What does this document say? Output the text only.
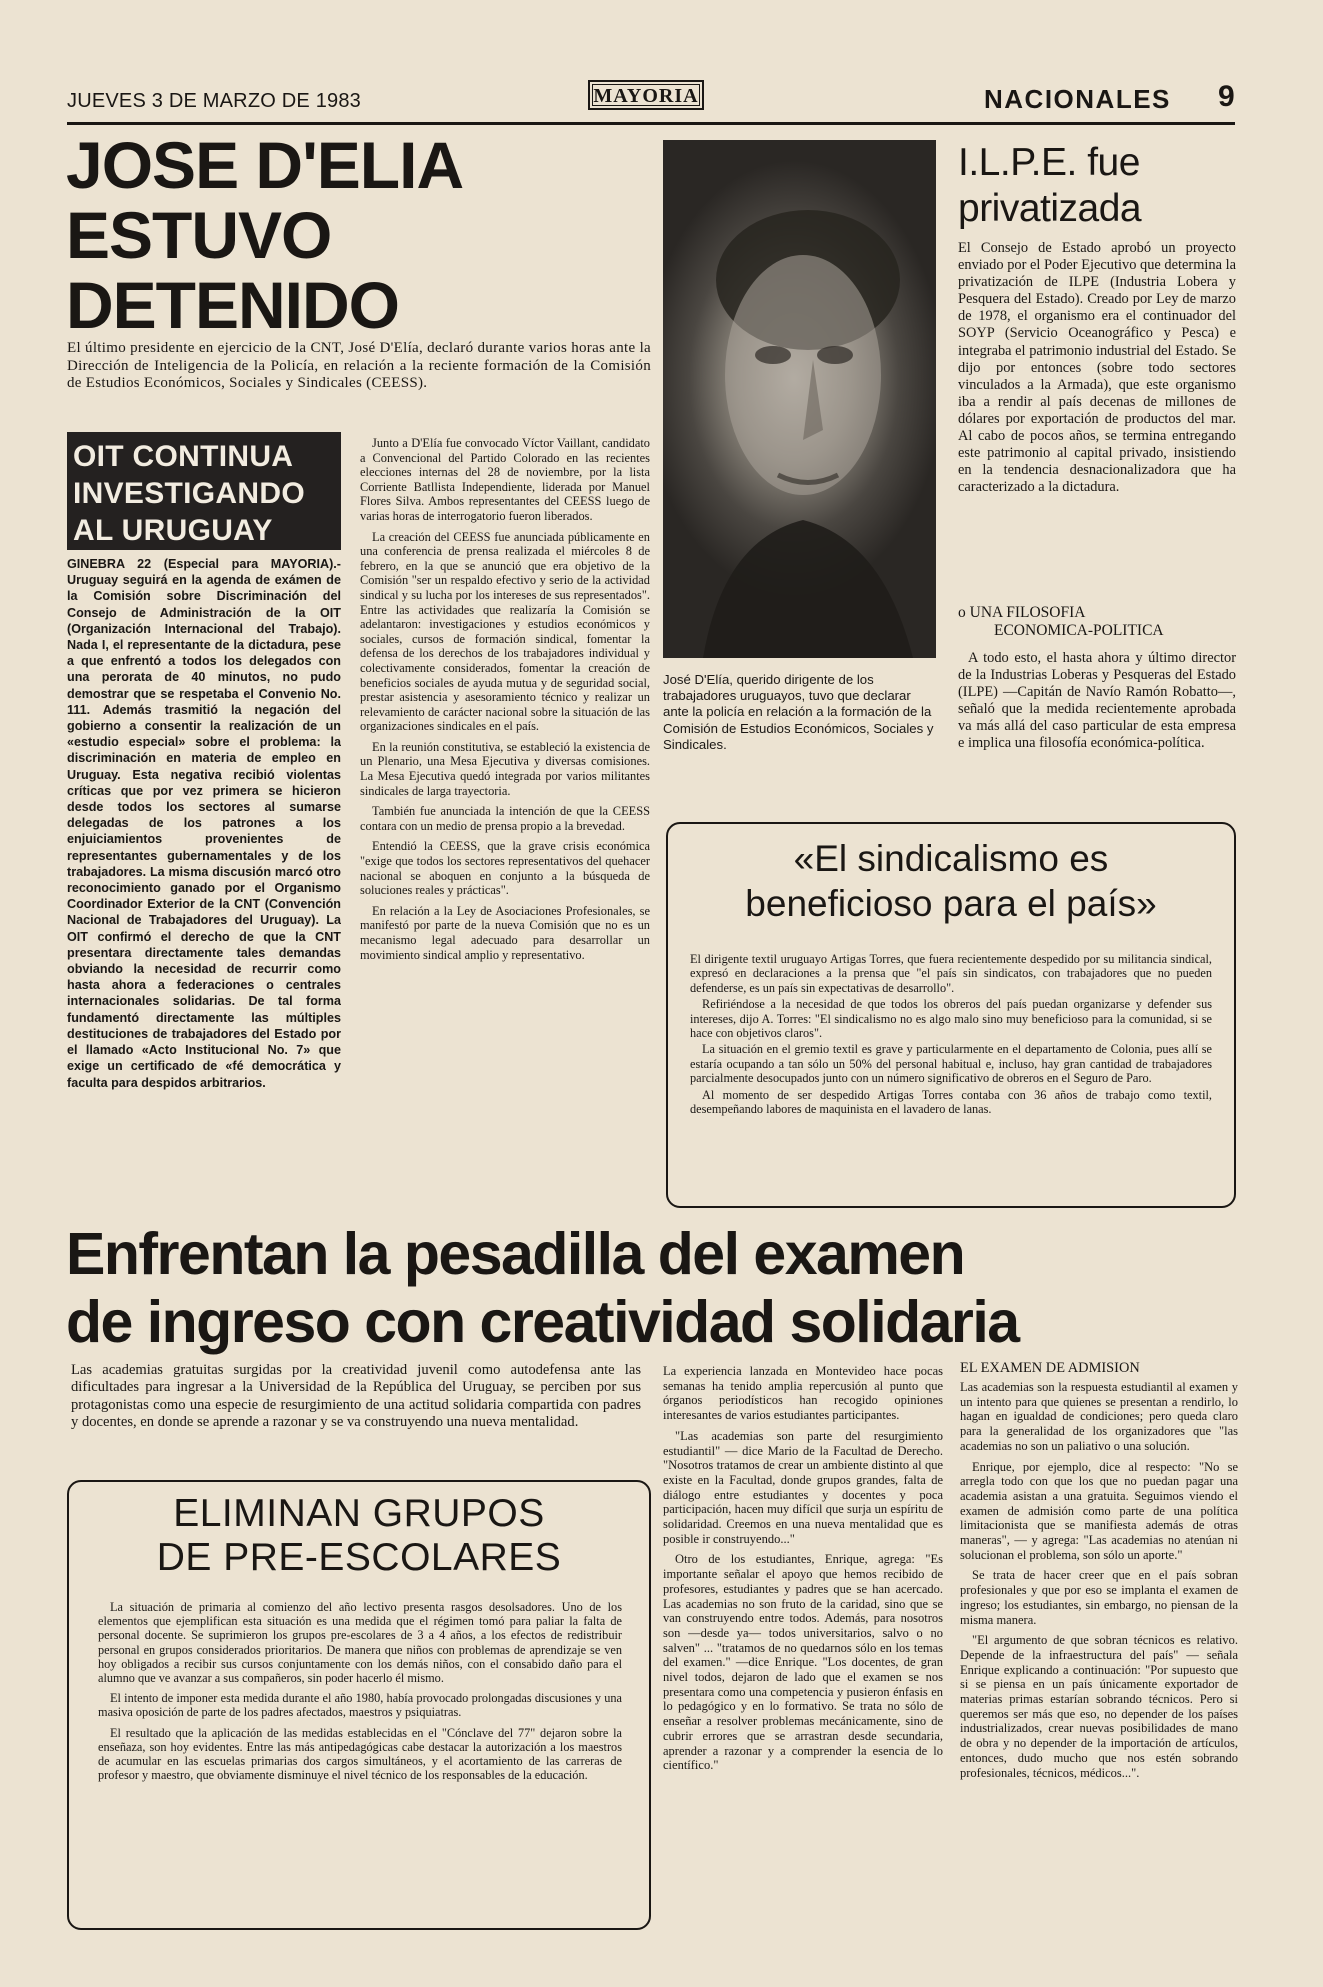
JUEVES 3 DE MARZO DE 1983	MAYORIA	NACIONALES 9
JOSE D'ELIA
ESTUVO
DETENIDO

El último presidente en ejercicio de la CNT, José D'Elía, declaró durante varios horas ante la Dirección de Inteligencia de la Policía, en relación a la reciente formación de la Comisión de Estudios Económicos, Sociales y Sindicales (CEESS).

OIT CONTINUA
INVESTIGANDO
AL URUGUAY

GINEBRA 22 (Especial para MAYORIA).- Uruguay seguirá en la agenda de exámen de la Comisión sobre Discriminación del Consejo de Administración de la OIT (Organización Internacional del Trabajo). Nada I, el representante de la dictadura, pese a que enfrentó a todos los delegados con una perorata de 40 minutos, no pudo demostrar que se respetaba el Convenio No. 111. Además trasmitió la negación del gobierno a consentir la realización de un «estudio especial» sobre el problema: la discriminación en materia de empleo en Uruguay. Esta negativa recibió violentas críticas que por vez primera se hicieron desde todos los sectores al sumarse delegadas de los patrones a los enjuiciamientos provenientes de representantes gubernamentales y de los trabajadores. La misma discusión marcó otro reconocimiento ganado por el Organismo Coordinador Exterior de la CNT (Convención Nacional de Trabajadores del Uruguay). La OIT confirmó el derecho de que la CNT presentara directamente tales demandas obviando la necesidad de recurrir como hasta ahora a federaciones o centrales internacionales solidarias. De tal forma fundamentó directamente las múltiples destituciones de trabajadores del Estado por el llamado «Acto Institucional No. 7» que exige un certificado de «fé democrática y faculta para despidos arbitrarios.

Junto a D'Elía fue convocado Víctor Vaillant, candidato a Convencional del Partido Colorado en las recientes elecciones internas del 28 de noviembre, por la lista Corriente Batllista Independiente, liderada por Manuel Flores Silva. Ambos representantes del CEESS luego de varias horas de interrogatorio fueron liberados.

La creación del CEESS fue anunciada públicamente en una conferencia de prensa realizada el miércoles 8 de febrero, en la que se anunció que era objetivo de la Comisión "ser un respaldo efectivo y serio de la actividad sindical y su lucha por los intereses de sus representados". Entre las actividades que realizaría la Comisión se adelantaron: investigaciones y estudios económicos y sociales, cursos de formación sindical, fomentar la defensa de los derechos de los trabajadores individual y colectivamente considerados, fomentar la creación de beneficios sociales de ayuda mutua y de seguridad social, prestar asistencia y asesoramiento técnico y realizar un relevamiento de carácter nacional sobre la situación de las organizaciones sindicales en el país.

En la reunión constitutiva, se estableció la existencia de un Plenario, una Mesa Ejecutiva y diversas comisiones. La Mesa Ejecutiva quedó integrada por varios militantes sindicales de larga trayectoria.

También fue anunciada la intención de que la CEESS contara con un medio de prensa propio a la brevedad.

Entendió la CEESS, que la grave crisis económica "exige que todos los sectores representativos del quehacer nacional se aboquen en conjunto a la búsqueda de soluciones reales y prácticas".

En relación a la Ley de Asociaciones Profesionales, se manifestó por parte de la nueva Comisión que no es un mecanismo legal adecuado para desarrollar un movimiento sindical amplio y representativo.

José D'Elía, querido dirigente de los trabajadores uruguayos, tuvo que declarar ante la policía en relación a la formación de la Comisión de Estudios Económicos, Sociales y Sindicales.

I.L.P.E. fue
privatizada

El Consejo de Estado aprobó un proyecto enviado por el Poder Ejecutivo que determina la privatización de ILPE (Industria Lobera y Pesquera del Estado). Creado por Ley de marzo de 1978, el organismo era el continuador del SOYP (Servicio Oceanográfico y Pesca) e integraba el patrimonio industrial del Estado. Se dijo por entonces (sobre todo sectores vinculados a la Armada), que este organismo iba a rendir al país decenas de millones de dólares por exportación de productos del mar. Al cabo de pocos años, se termina entregando este patrimonio al capital privado, insistiendo en la tendencia desnacionalizadora que ha caracterizado a la dictadura.

o UNA FILOSOFIA
ECONOMICA-POLITICA

A todo esto, el hasta ahora y último director de la Industrias Loberas y Pesqueras del Estado (ILPE) —Capitán de Navío Ramón Robatto—, señaló que la medida recientemente aprobada va más allá del caso particular de esta empresa e implica una filosofía económica-política.

«El sindicalismo es
beneficioso para el país»

El dirigente textil uruguayo Artigas Torres, que fuera recientemente despedido por su militancia sindical, expresó en declaraciones a la prensa que "el país sin sindicatos, con trabajadores que no pueden defenderse, es un país sin expectativas de desarrollo".

Refiriéndose a la necesidad de que todos los obreros del país puedan organizarse y defender sus intereses, dijo A. Torres: "El sindicalismo no es algo malo sino muy beneficioso para la comunidad, si se hace con objetivos claros".

La situación en el gremio textil es grave y particularmente en el departamento de Colonia, pues allí se estaría ocupando a tan sólo un 50% del personal habitual e, incluso, hay gran cantidad de trabajadores parcialmente desocupados junto con un número significativo de obreros en el Seguro de Paro.

Al momento de ser despedido Artigas Torres contaba con 36 años de trabajo como textil, desempeñando labores de maquinista en el lavadero de lanas.

Enfrentan la pesadilla del examen
de ingreso con creatividad solidaria

Las academias gratuitas surgidas por la creatividad juvenil como autodefensa ante las dificultades para ingresar a la Universidad de la República del Uruguay, se perciben por sus protagonistas como una especie de resurgimiento de una actitud solidaria compartida con padres y docentes, en donde se aprende a razonar y se va construyendo una nueva mentalidad.

ELIMINAN GRUPOS
DE PRE-ESCOLARES

La situación de primaria al comienzo del año lectivo presenta rasgos desolsadores. Uno de los elementos que ejemplifican esta situación es una medida que el régimen tomó para paliar la falta de personal docente. Se suprimieron los grupos pre-escolares de 3 a 4 años, a los efectos de redistribuir personal en grupos considerados prioritarios. De manera que niños con problemas de aprendizaje se ven hoy obligados a recibir sus cursos conjuntamente con los demás niños, con el consabido daño para el alumno que ve avanzar a sus compañeros, sin poder hacerlo él mismo.

El intento de imponer esta medida durante el año 1980, había provocado prolongadas discusiones y una masiva oposición de parte de los padres afectados, maestros y psiquiatras.

El resultado que la aplicación de las medidas establecidas en el "Cónclave del 77" dejaron sobre la enseñaza, son hoy evidentes. Entre las más antipedagógicas cabe destacar la autorización a los maestros de acumular en las escuelas primarias dos cargos simultáneos, y el acortamiento de las carreras de profesor y maestro, que obviamente disminuye el nivel técnico de los responsables de la educación.

La experiencia lanzada en Montevideo hace pocas semanas ha tenido amplia repercusión al punto que órganos periodísticos han recogido opiniones interesantes de varios estudiantes participantes.

"Las academias son parte del resurgimiento estudiantil" — dice Mario de la Facultad de Derecho. "Nosotros tratamos de crear un ambiente distinto al que existe en la Facultad, donde grupos grandes, falta de diálogo entre estudiantes y docentes y poca participación, hacen muy difícil que surja un espíritu de solidaridad. Creemos en una nueva mentalidad que es posible ir construyendo..."

Otro de los estudiantes, Enrique, agrega: "Es importante señalar el apoyo que hemos recibido de profesores, estudiantes y padres que se han acercado. Las academias no son fruto de la caridad, sino que se van construyendo entre todos. Además, para nosotros son —desde ya— todos universitarios, salvo o no salven" ... "tratamos de no quedarnos sólo en los temas del examen." —dice Enrique. "Los docentes, de gran nivel todos, dejaron de lado que el examen se nos presentara como una competencia y pusieron énfasis en lo pedagógico y en lo formativo. Se trata no sólo de enseñar a resolver problemas mecánicamente, sino de cubrir errores que se arrastran desde secundaria, aprender a razonar y a comprender la esencia de lo científico."

EL EXAMEN DE ADMISION

Las academias son la respuesta estudiantil al examen y un intento para que quienes se presentan a rendirlo, lo hagan en igualdad de condiciones; pero queda claro para la generalidad de los organizadores que "las academias no son un paliativo o una solución.

Enrique, por ejemplo, dice al respecto: "No se arregla todo con que los que no puedan pagar una academia asistan a una gratuita. Seguimos viendo el examen de admisión como parte de una política limitacionista que se manifiesta además de otras maneras", — y agrega: "Las academias no atenúan ni solucionan el problema, son sólo un aporte."

Se trata de hacer creer que en el país sobran profesionales y que por eso se implanta el examen de ingreso; los estudiantes, sin embargo, no piensan de la misma manera.

"El argumento de que sobran técnicos es relativo. Depende de la infraestructura del país" — señala Enrique explicando a continuación: "Por supuesto que si se piensa en un país únicamente exportador de materias primas estarían sobrando técnicos. Pero si queremos ser más que eso, no depender de los países industrializados, crear nuevas posibilidades de mano de obra y no depender de la importación de artículos, entonces, dudo mucho que nos estén sobrando profesionales, técnicos, médicos...".
